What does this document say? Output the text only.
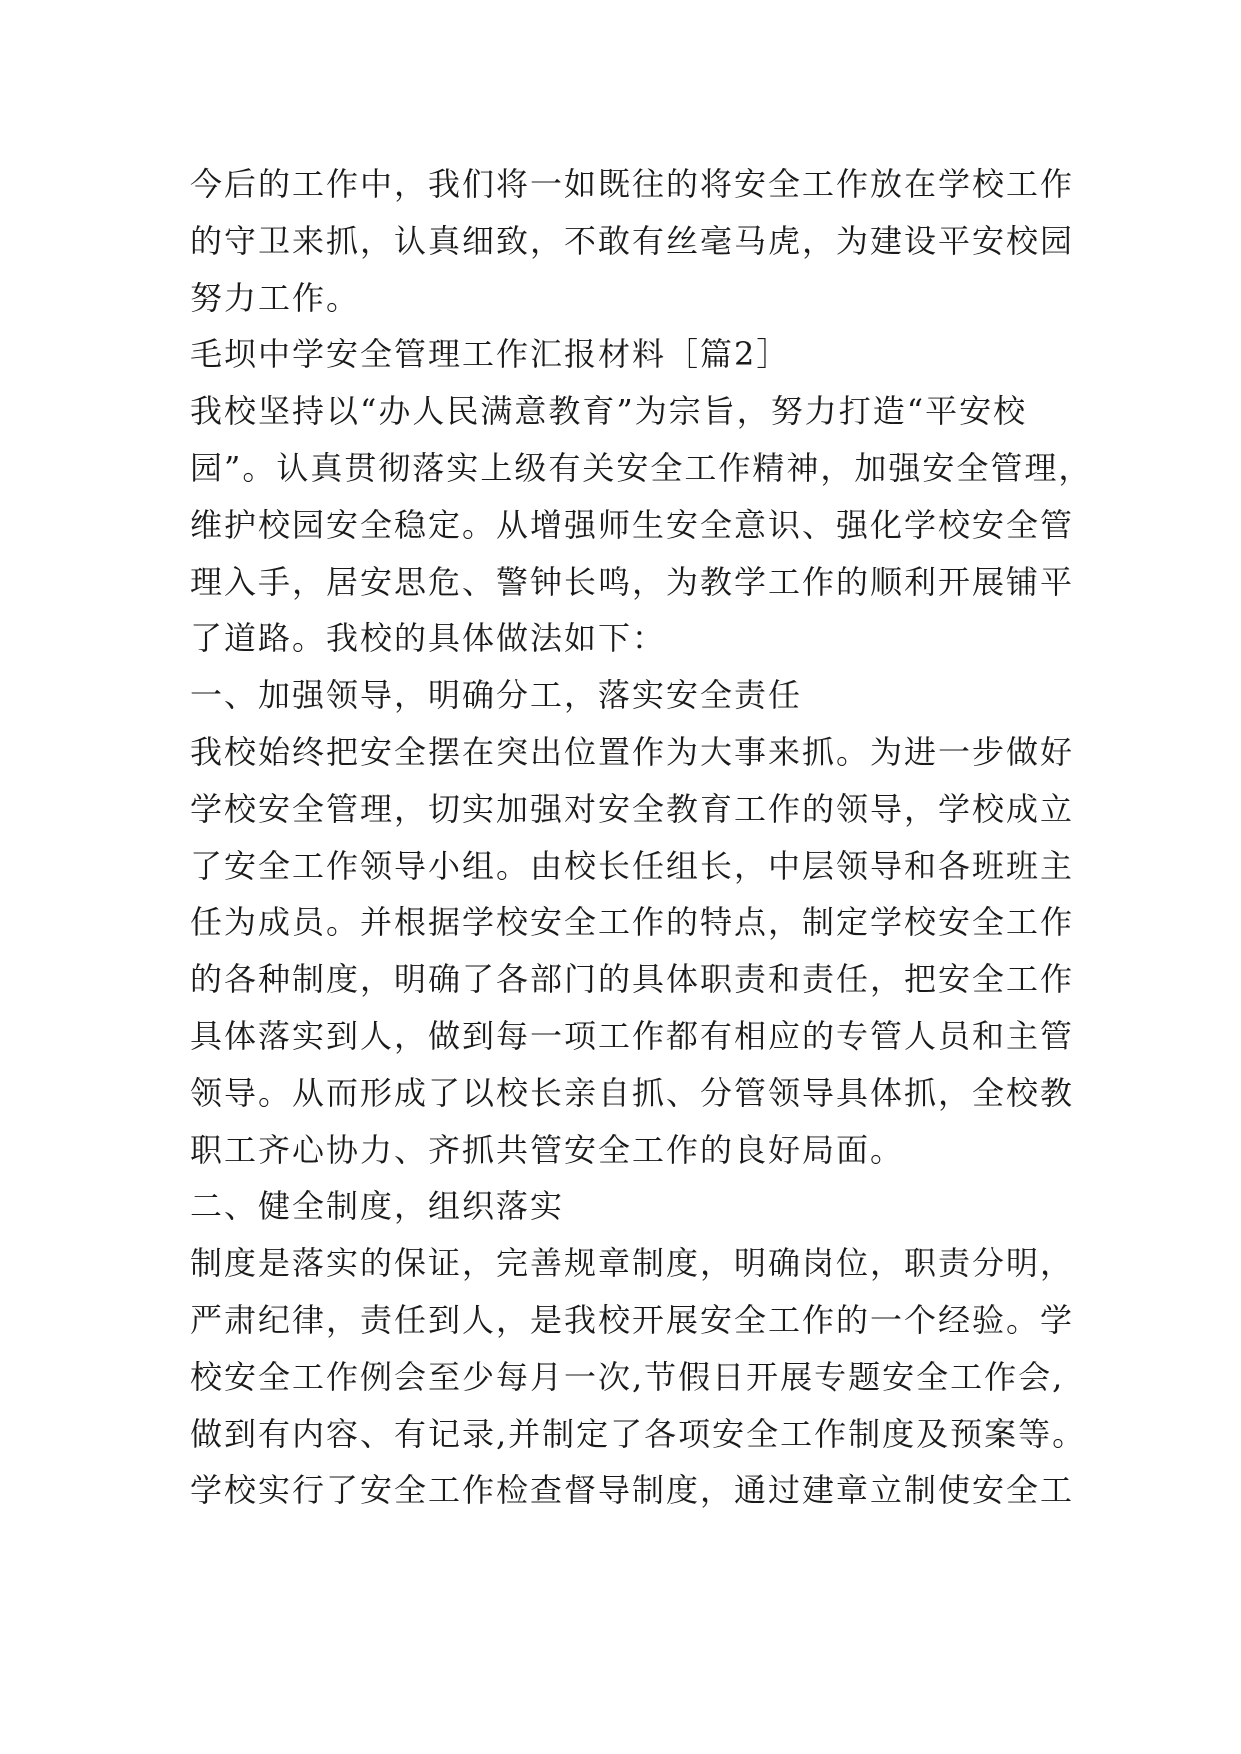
今后的工作中，我们将一如既往的将安全工作放在学校工作
的守卫来抓，认真细致，不敢有丝毫马虎，为建设平安校园
努力工作。
毛坝中学安全管理工作汇报材料［篇2］
我校坚持以“办人民满意教育”为宗旨，努力打造“平安校
园”。认真贯彻落实上级有关安全工作精神，加强安全管理，
维护校园安全稳定。从增强师生安全意识、强化学校安全管
理入手，居安思危、警钟长鸣，为教学工作的顺利开展铺平
了道路。我校的具体做法如下：
一、加强领导，明确分工，落实安全责任
我校始终把安全摆在突出位置作为大事来抓。为进一步做好
学校安全管理，切实加强对安全教育工作的领导，学校成立
了安全工作领导小组。由校长任组长，中层领导和各班班主
任为成员。并根据学校安全工作的特点，制定学校安全工作
的各种制度，明确了各部门的具体职责和责任，把安全工作
具体落实到人，做到每一项工作都有相应的专管人员和主管
领导。从而形成了以校长亲自抓、分管领导具体抓，全校教
职工齐心协力、齐抓共管安全工作的良好局面。
二、健全制度，组织落实
制度是落实的保证，完善规章制度，明确岗位，职责分明，
严肃纪律，责任到人，是我校开展安全工作的一个经验。学
校安全工作例会至少每月一次,节假日开展专题安全工作会,
做到有内容、有记录,并制定了各项安全工作制度及预案等。
学校实行了安全工作检查督导制度，通过建章立制使安全工
